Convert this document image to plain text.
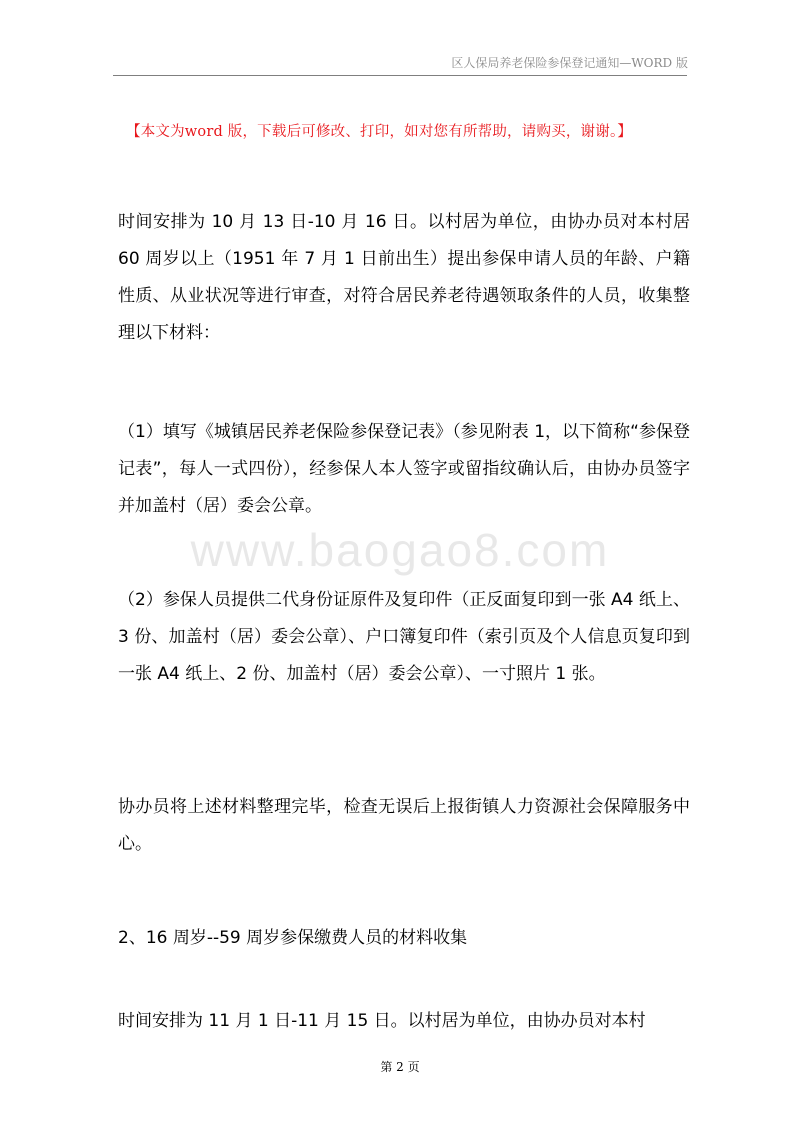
区人保局养老保险参保登记通知—WORD 版
【本文为word 版，下载后可修改、打印，如对您有所帮助，请购买，谢谢。】

时间安排为 10 月 13 日-10 月 16 日。以村居为单位，由协办员对本村居 60 周岁以上（1951 年 7 月 1 日前出生）提出参保申请人员的年龄、户籍性质、从业状况等进行审查，对符合居民养老待遇领取条件的人员，收集整理以下材料：

（1）填写《城镇居民养老保险参保登记表》（参见附表 1，以下简称“参保登记表”，每人一式四份），经参保人本人签字或留指纹确认后，由协办员签字并加盖村（居）委会公章。

（2）参保人员提供二代身份证原件及复印件（正反面复印到一张 A4 纸上、3 份、加盖村（居）委会公章）、户口簿复印件（索引页及个人信息页复印到一张 A4 纸上、2 份、加盖村（居）委会公章）、一寸照片 1 张。

协办员将上述材料整理完毕，检查无误后上报街镇人力资源社会保障服务中心。

2、16 周岁--59 周岁参保缴费人员的材料收集

时间安排为 11 月 1 日-11 月 15 日。以村居为单位，由协办员对本村

www.baogao8.com
第 2 页
